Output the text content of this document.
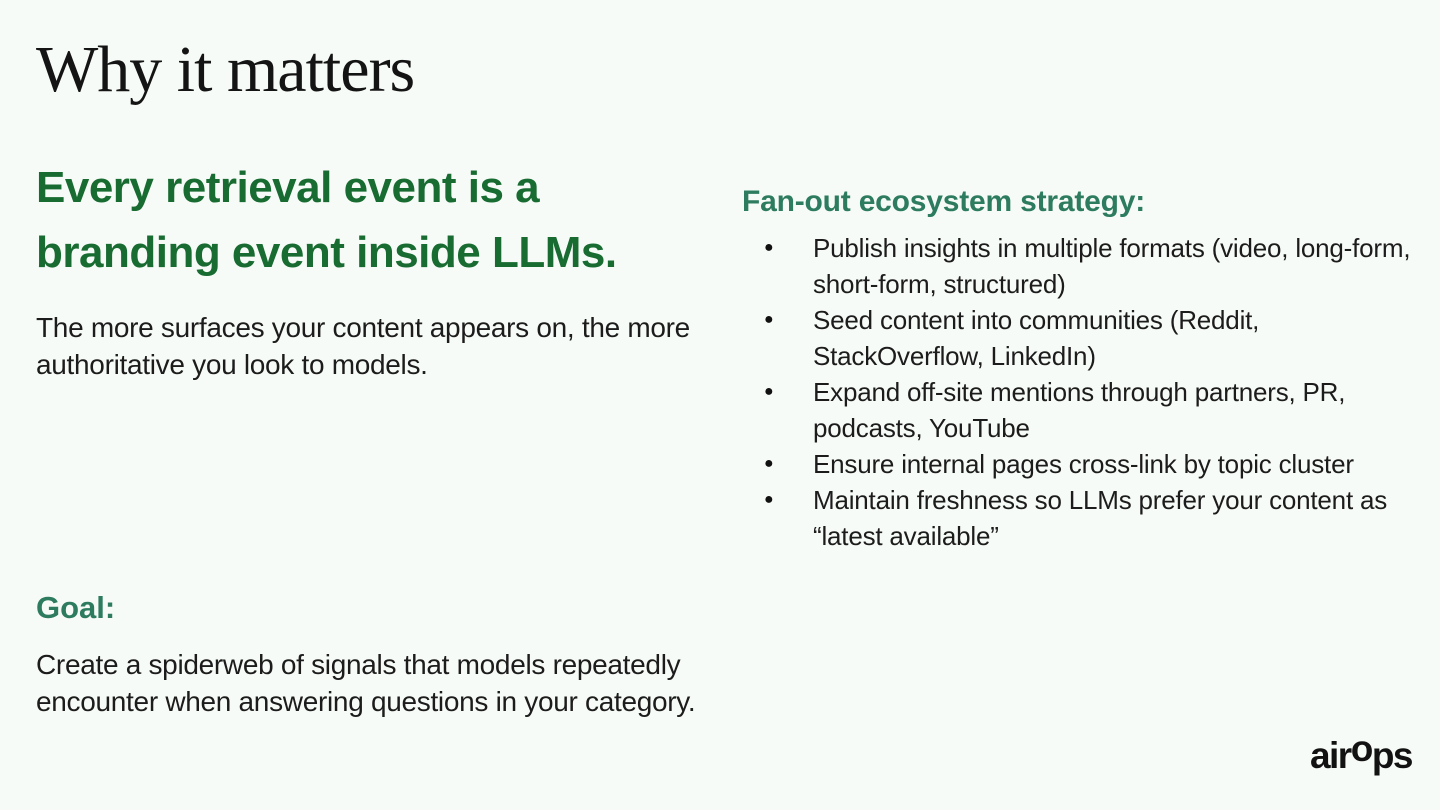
Why it matters
Every retrieval event is a branding event inside LLMs.

The more surfaces your content appears on, the more authoritative you look to models.

Goal:

Create a spiderweb of signals that models repeatedly encounter when answering questions in your category.

Fan-out ecosystem strategy:
●	Publish insights in multiple formats (video, long-form, short-form, structured)
●	Seed content into communities (Reddit, StackOverflow, LinkedIn)
●	Expand off-site mentions through partners, PR, podcasts, YouTube
●	Ensure internal pages cross-link by topic cluster
●	Maintain freshness so LLMs prefer your content as “latest available”
airops
